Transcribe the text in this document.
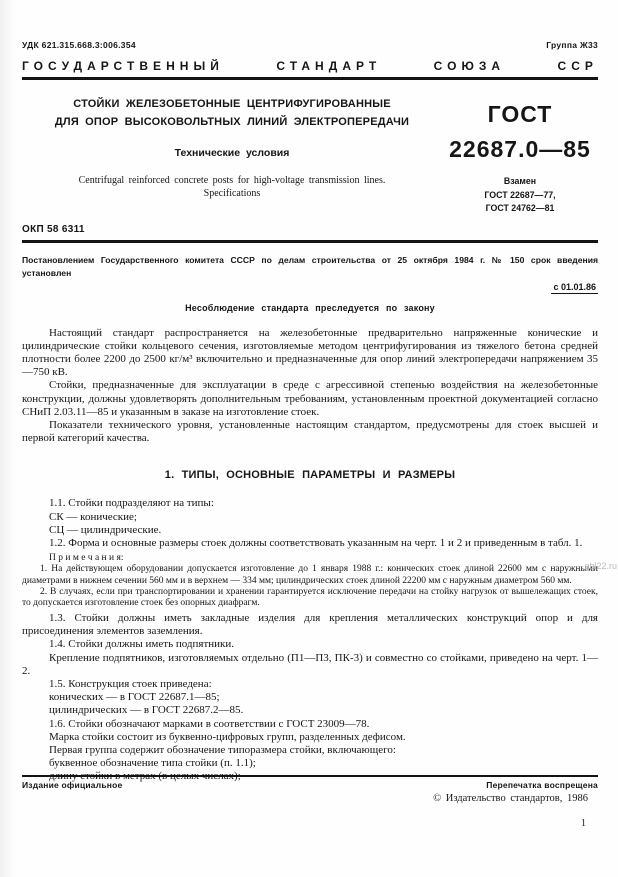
УДК 621.315.668.3:006.354	Группа Ж33
ГОСУДАРСТВЕННЫЙ	СТАНДАРТ	СОЮЗА	ССР
СТОЙКИ ЖЕЛЕЗОБЕТОННЫЕ ЦЕНТРИФУГИРОВАННЫЕ
ДЛЯ ОПОР ВЫСОКОВОЛЬТНЫХ ЛИНИЙ ЭЛЕКТРОПЕРЕДАЧИ
Технические условия
Centrifugal reinforced concrete posts for high-voltage transmission lines.
Specifications
ГОСТ
22687.0—85
Взамен
ГОСТ 22687—77,
ГОСТ 24762—81
ОКП 58 6311
Постановлением Государственного комитета СССР по делам строительства от 25 октября 1984 г. № 150 срок введения установлен
с 01.01.86
Несоблюдение стандарта преследуется по закону

Настоящий стандарт распространяется на железобетонные предварительно напряженные конические и цилиндрические стойки кольцевого сечения, изготовляемые методом центрифугирования из тяжелого бетона средней плотности более 2200 до 2500 кг/м³ включительно и предназначенные для опор линий электропередачи напряжением 35—750 кВ.

Стойки, предназначенные для эксплуатации в среде с агрессивной степенью воздействия на железобетонные конструкции, должны удовлетворять дополнительным требованиям, установленным проектной документацией согласно СНиП 2.03.11—85 и указанным в заказе на изготовление стоек.

Показатели технического уровня, установленные настоящим стандартом, предусмотрены для стоек высшей и первой категорий качества.

1. ТИПЫ, ОСНОВНЫЕ ПАРАМЕТРЫ И РАЗМЕРЫ

1.1. Стойки подразделяют на типы:

СК — конические;

СЦ — цилиндрические.

1.2. Форма и основные размеры стоек должны соответствовать указанным на черт. 1 и 2 и приведенным в табл. 1.

П р и м е ч а н и я:

1. На действующем оборудовании допускается изготовление до 1 января 1988 г.: конических стоек длиной 22600 мм с наружными диаметрами в нижнем сечении 560 мм и в верхнем — 334 мм; цилиндрических стоек длиной 22200 мм с наружным диаметром 560 мм.

2. В случаях, если при транспортировании и хранении гарантируется исключение передачи на стойку нагрузок от вышележащих стоек, то допускается изготовление стоек без опорных диафрагм.

1.3. Стойки должны иметь закладные изделия для крепления металлических конструкций опор и для присоединения элементов заземления.

1.4. Стойки должны иметь подпятники.

Крепление подпятников, изготовляемых отдельно (П1—П3, ПК-3) и совместно со стойками, приведено на черт. 1—2.

1.5. Конструкция стоек приведена:

конических — в ГОСТ 22687.1—85;

цилиндрических — в ГОСТ 22687.2—85.

1.6. Стойки обозначают марками в соответствии с ГОСТ 23009—78.

Марка стойки состоит из буквенно-цифровых групп, разделенных дефисом.

Первая группа содержит обозначение типоразмера стойки, включающего:

буквенное обозначение типа стойки (п. 1.1);

Издание официальное	Перепечатка воспрещена
© Издательство стандартов, 1986
1
gbi22.ru
